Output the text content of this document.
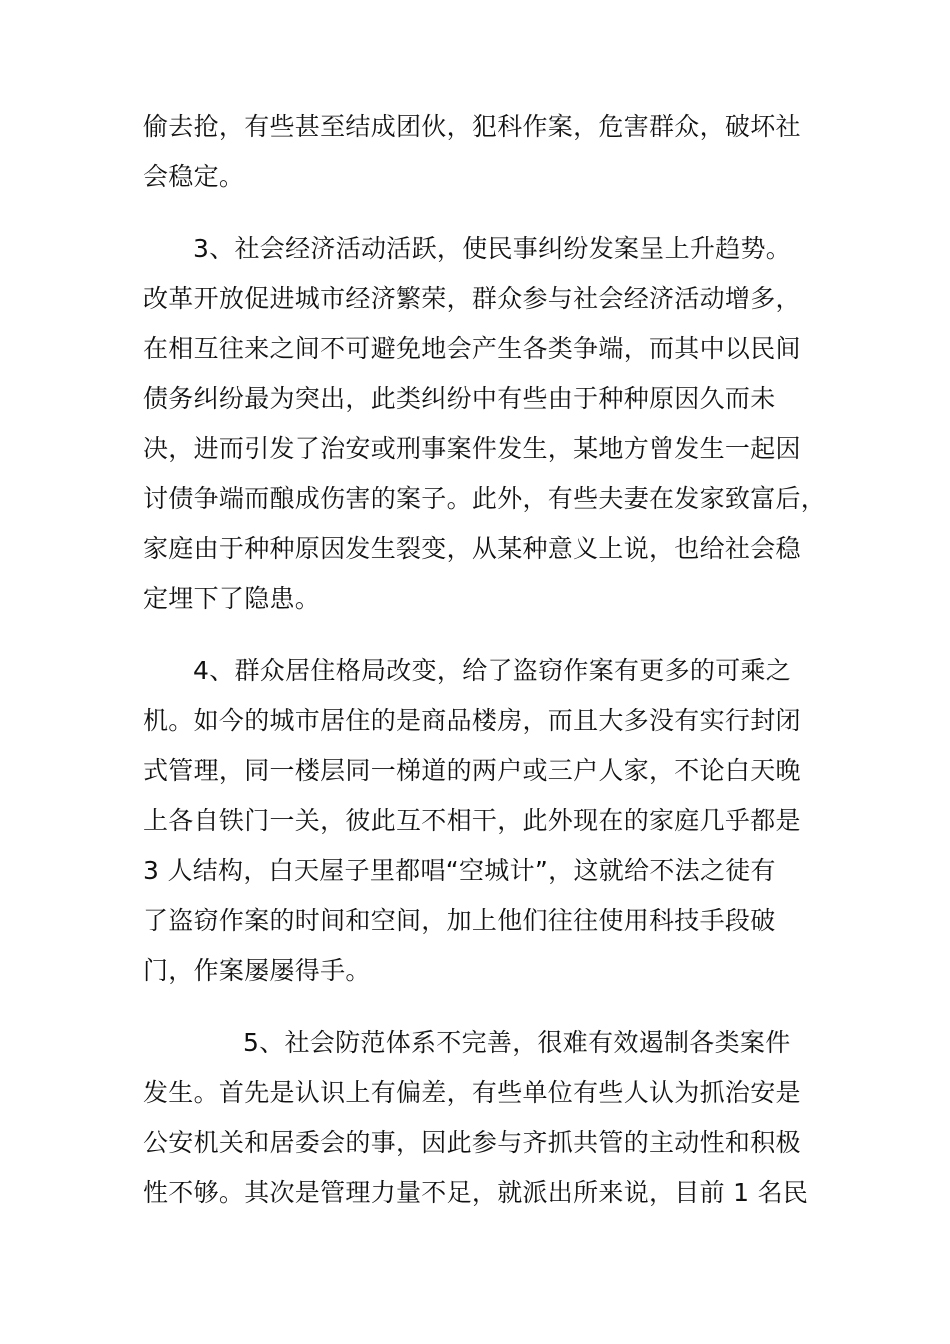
偷去抢，有些甚至结成团伙，犯科作案，危害群众，破坏社
会稳定。
3、社会经济活动活跃，使民事纠纷发案呈上升趋势。
改革开放促进城市经济繁荣，群众参与社会经济活动增多，
在相互往来之间不可避免地会产生各类争端，而其中以民间
债务纠纷最为突出，此类纠纷中有些由于种种原因久而未
决，进而引发了治安或刑事案件发生，某地方曾发生一起因
讨债争端而酿成伤害的案子。此外，有些夫妻在发家致富后，
家庭由于种种原因发生裂变，从某种意义上说，也给社会稳
定埋下了隐患。
4、群众居住格局改变，给了盗窃作案有更多的可乘之
机。如今的城市居住的是商品楼房，而且大多没有实行封闭
式管理，同一楼层同一梯道的两户或三户人家，不论白天晚
上各自铁门一关，彼此互不相干，此外现在的家庭几乎都是
3 人结构，白天屋子里都唱“空城计”，这就给不法之徒有
了盗窃作案的时间和空间，加上他们往往使用科技手段破
门，作案屡屡得手。
5、社会防范体系不完善，很难有效遏制各类案件
发生。首先是认识上有偏差，有些单位有些人认为抓治安是
公安机关和居委会的事，因此参与齐抓共管的主动性和积极
性不够。其次是管理力量不足，就派出所来说，目前 1 名民
